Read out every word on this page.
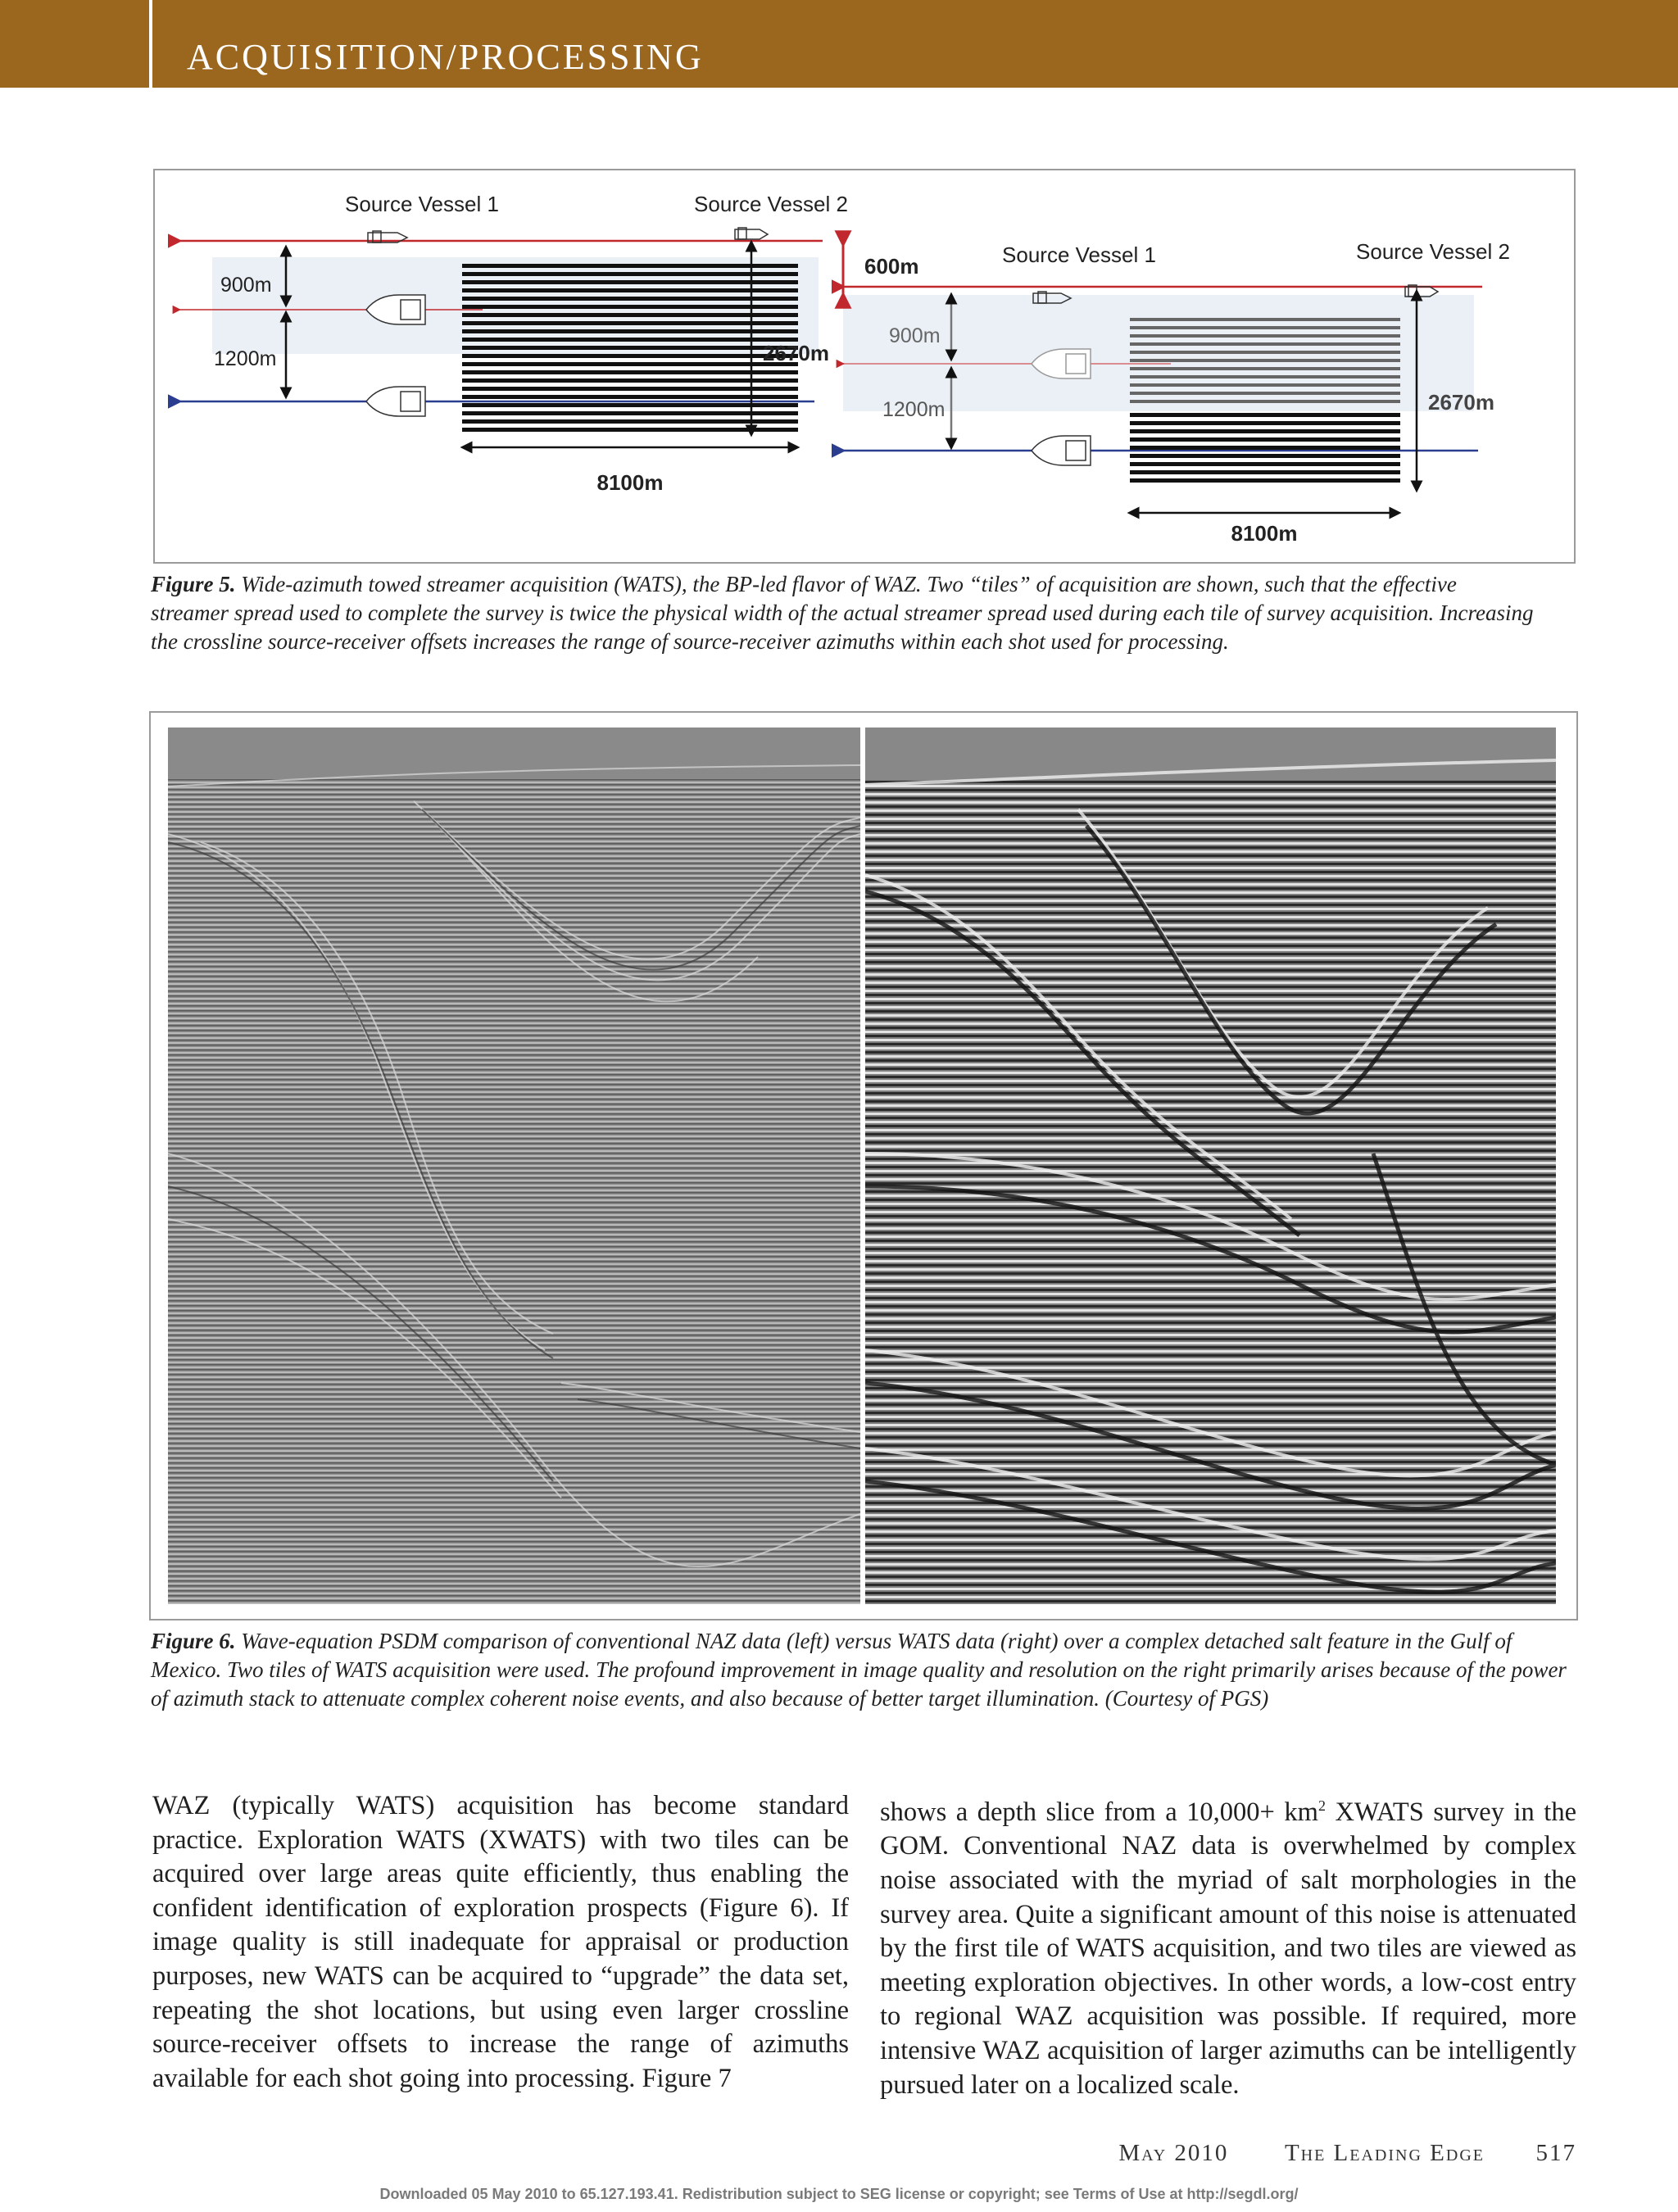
ACQUISITION/PROCESSING
Source Vessel 1	Source Vessel 2
900m
1200m	2670m
8100m
600m	Source Vessel 1	Source Vessel 2
900m
1200m	2670m
8100m
Figure 5. Wide-azimuth towed streamer acquisition (WATS), the BP-led flavor of WAZ. Two “tiles” of acquisition are shown, such that the effective streamer spread used to complete the survey is twice the physical width of the actual streamer spread used during each tile of survey acquisition. Increasing the crossline source-receiver offsets increases the range of source-receiver azimuths within each shot used for processing.
Figure 6. Wave-equation PSDM comparison of conventional NAZ data (left) versus WATS data (right) over a complex detached salt feature in the Gulf of Mexico. Two tiles of WATS acquisition were used. The profound improvement in image quality and resolution on the right primarily arises because of the power of azimuth stack to attenuate complex coherent noise events, and also because of better target illumination. (Courtesy of PGS)
WAZ (typically WATS) acquisition has become standard practice. Exploration WATS (XWATS) with two tiles can be acquired over large areas quite efficiently, thus enabling the confident identification of exploration prospects (Figure 6). If image quality is still inadequate for appraisal or production purposes, new WATS can be acquired to “upgrade” the data set, repeating the shot locations, but using even larger crossline source-receiver offsets to increase the range of azimuths available for each shot going into processing. Figure 7
shows a depth slice from a $10,000+ km^2$ XWATS survey in the GOM. Conventional NAZ data is overwhelmed by complex noise associated with the myriad of salt morphologies in the survey area. Quite a significant amount of this noise is attenuated by the first tile of WATS acquisition, and two tiles are viewed as meeting exploration objectives. In other words, a low-cost entry to regional WAZ acquisition was possible. If required, more intensive WAZ acquisition of larger azimuths can be intelligently pursued later on a localized scale.
May 2010 The Leading Edge 517
Downloaded 05 May 2010 to 65.127.193.41. Redistribution subject to SEG license or copyright; see Terms of Use at http://segdl.org/
